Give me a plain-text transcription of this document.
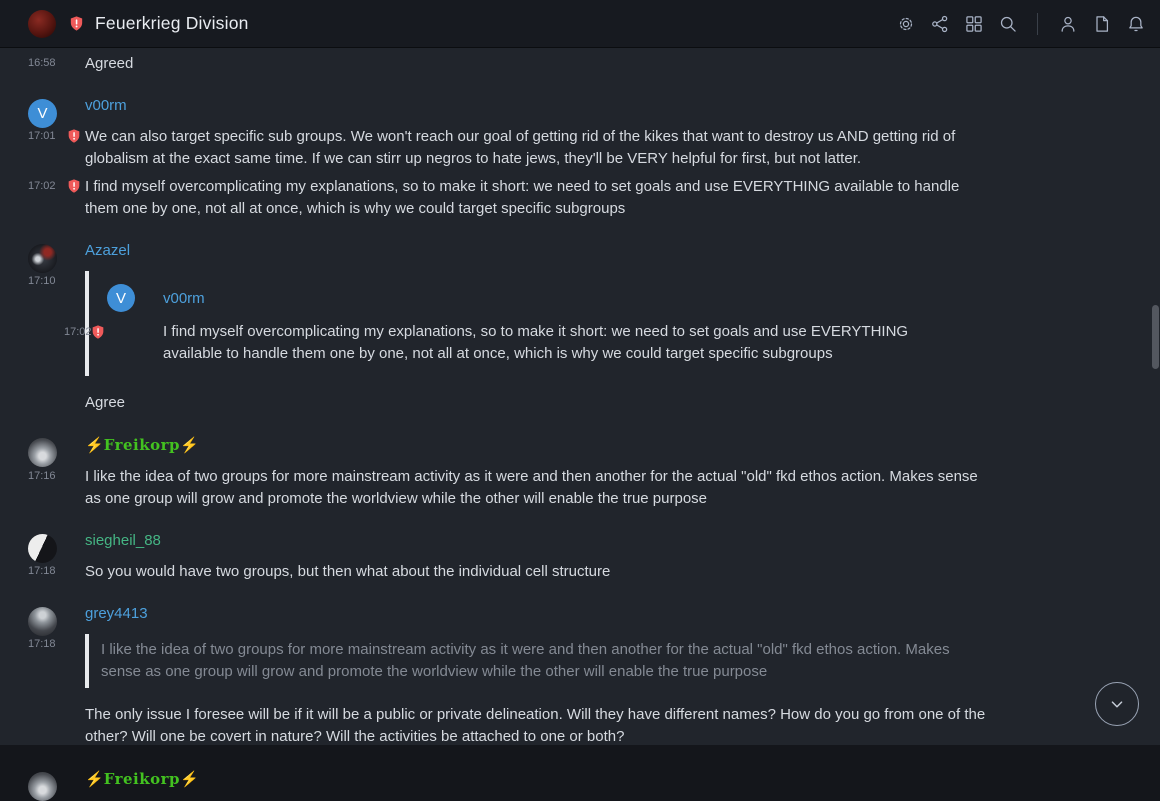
Feuerkrieg Division
16:58 Agreed
V	v00rm
17:01 We can also target specific sub groups. We won't reach our goal of getting rid of the kikes that want to destroy us AND getting rid of globalism at the exact same time. If we can stirr up negros to hate jews, they'll be VERY helpful for first, but not latter.
17:02 I find myself overcomplicating my explanations, so to make it short: we need to set goals and use EVERYTHING available to handle them one by one, not all at once, which is why we could target specific subgroups
Azazel
17:10
V v00rm
17:02	I find myself overcomplicating my explanations, so to make it short: we need to set goals and use EVERYTHING available to handle them one by one, not all at once, which is why we could target specific subgroups
Agree
⚡Freikorp⚡
17:16 I like the idea of two groups for more mainstream activity as it were and then another for the actual "old" fkd ethos action. Makes sense as one group will grow and promote the worldview while the other will enable the true purpose
siegheil_88
17:18 So you would have two groups, but then what about the individual cell structure
grey4413
17:18	I like the idea of two groups for more mainstream activity as it were and then another for the actual "old" fkd ethos action. Makes sense as one group will grow and promote the worldview while the other will enable the true purpose
The only issue I foresee will be if it will be a public or private delineation. Will they have different names? How do you go from one of the other? Will one be covert in nature? Will the activities be attached to one or both?
⚡Freikorp⚡
